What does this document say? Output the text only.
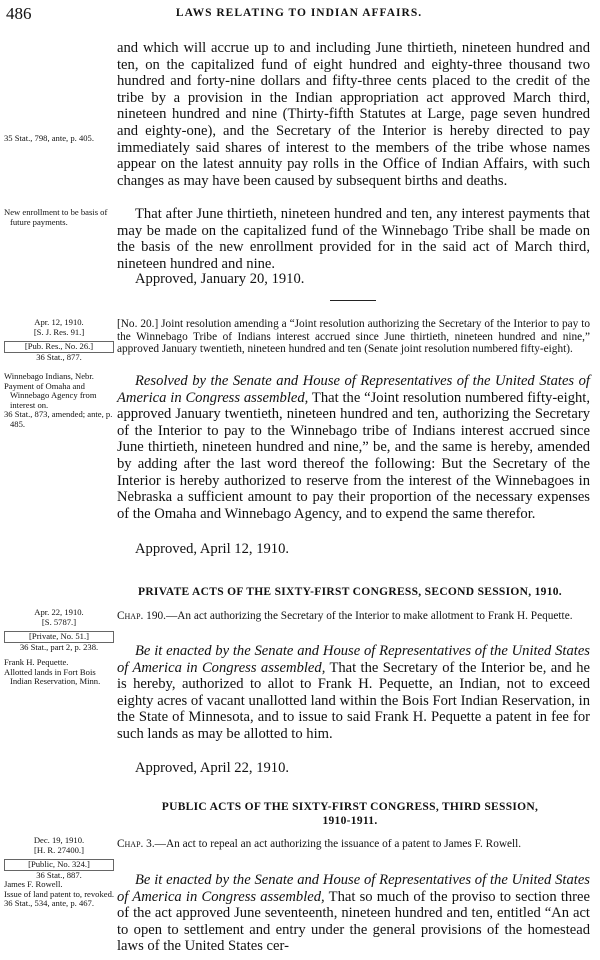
486	LAWS RELATING TO INDIAN AFFAIRS.

35 Stat., 798, ante, p. 405.

and which will accrue up to and including June thirtieth, nineteen hundred and ten, on the capitalized fund of eight hundred and eighty-three thousand two hundred and forty-nine dollars and fifty-three cents placed to the credit of the tribe by a provision in the Indian appropriation act approved March third, nineteen hundred and nine (Thirty-fifth Statutes at Large, page seven hundred and eighty-one), and the Secretary of the Interior is hereby directed to pay immediately said shares of interest to the members of the tribe whose names appear on the latest annuity pay rolls in the Office of Indian Affairs, with such changes as may have been caused by subsequent births and deaths.

New enrollment to be basis of future payments.	That after June thirtieth, nineteen hundred and ten, any interest payments that may be made on the capitalized fund of the Winnebago Tribe shall be made on the basis of the new enrollment provided for in the said act of March third, nineteen hundred and nine.

Approved, January 20, 1910.
Apr. 12, 1910.
[S. J. Res. 91.]
[Pub. Res., No. 26.]
36 Stat., 877.

[No. 20.] Joint resolution amending a “Joint resolution authorizing the Secretary of the Interior to pay to the Winnebago Tribe of Indians interest accrued since June thirtieth, nineteen hundred and nine,” approved January twentieth, nineteen hundred and ten (Senate joint resolution numbered fifty-eight).

Winnebago Indians, Nebr.
Payment of Omaha and Winnebago Agency from interest on.
36 Stat., 873, amended; ante, p. 485.

Resolved by the Senate and House of Representatives of the United States of America in Congress assembled, That the “Joint resolution numbered fifty-eight, approved January twentieth, nineteen hundred and ten, authorizing the Secretary of the Interior to pay to the Winnebago tribe of Indians interest accrued since June thirtieth, nineteen hundred and nine,” be, and the same is hereby, amended by adding after the last word thereof the following: But the Secretary of the Interior is hereby authorized to reserve from the interest of the Winnebagoes in Nebraska a sufficient amount to pay their proportion of the necessary expenses of the Omaha and Winnebago Agency, and to expend the same therefor.

Approved, April 12, 1910.

PRIVATE ACTS OF THE SIXTY-FIRST CONGRESS, SECOND SESSION, 1910.

Apr. 22, 1910.
[S. 5787.]
[Private, No. 51.]
36 Stat., part 2, p. 238.

Chap. 190.—An act authorizing the Secretary of the Interior to make allotment to Frank H. Pequette.

Frank H. Pequette.
Allotted lands in Fort Bois Indian Reservation, Minn.

Be it enacted by the Senate and House of Representatives of the United States of America in Congress assembled, That the Secretary of the Interior be, and he is hereby, authorized to allot to Frank H. Pequette, an Indian, not to exceed eighty acres of vacant unallotted land within the Bois Fort Indian Reservation, in the State of Minnesota, and to issue to said Frank H. Pequette a patent in fee for such lands as may be allotted to him.

Approved, April 22, 1910.

PUBLIC ACTS OF THE SIXTY-FIRST CONGRESS, THIRD SESSION,
1910-1911.

Dec. 19, 1910.
[H. R. 27400.]
[Public, No. 324.]
36 Stat., 887.

Chap. 3.—An act to repeal an act authorizing the issuance of a patent to James F. Rowell.

James F. Rowell.
Issue of land patent to, revoked.
36 Stat., 534, ante, p. 467.

Be it enacted by the Senate and House of Representatives of the United States of America in Congress assembled, That so much of the proviso to section three of the act approved June seventeenth, nineteen hundred and ten, entitled “An act to open to settlement and entry under the general provisions of the homestead laws of the United States cer-
